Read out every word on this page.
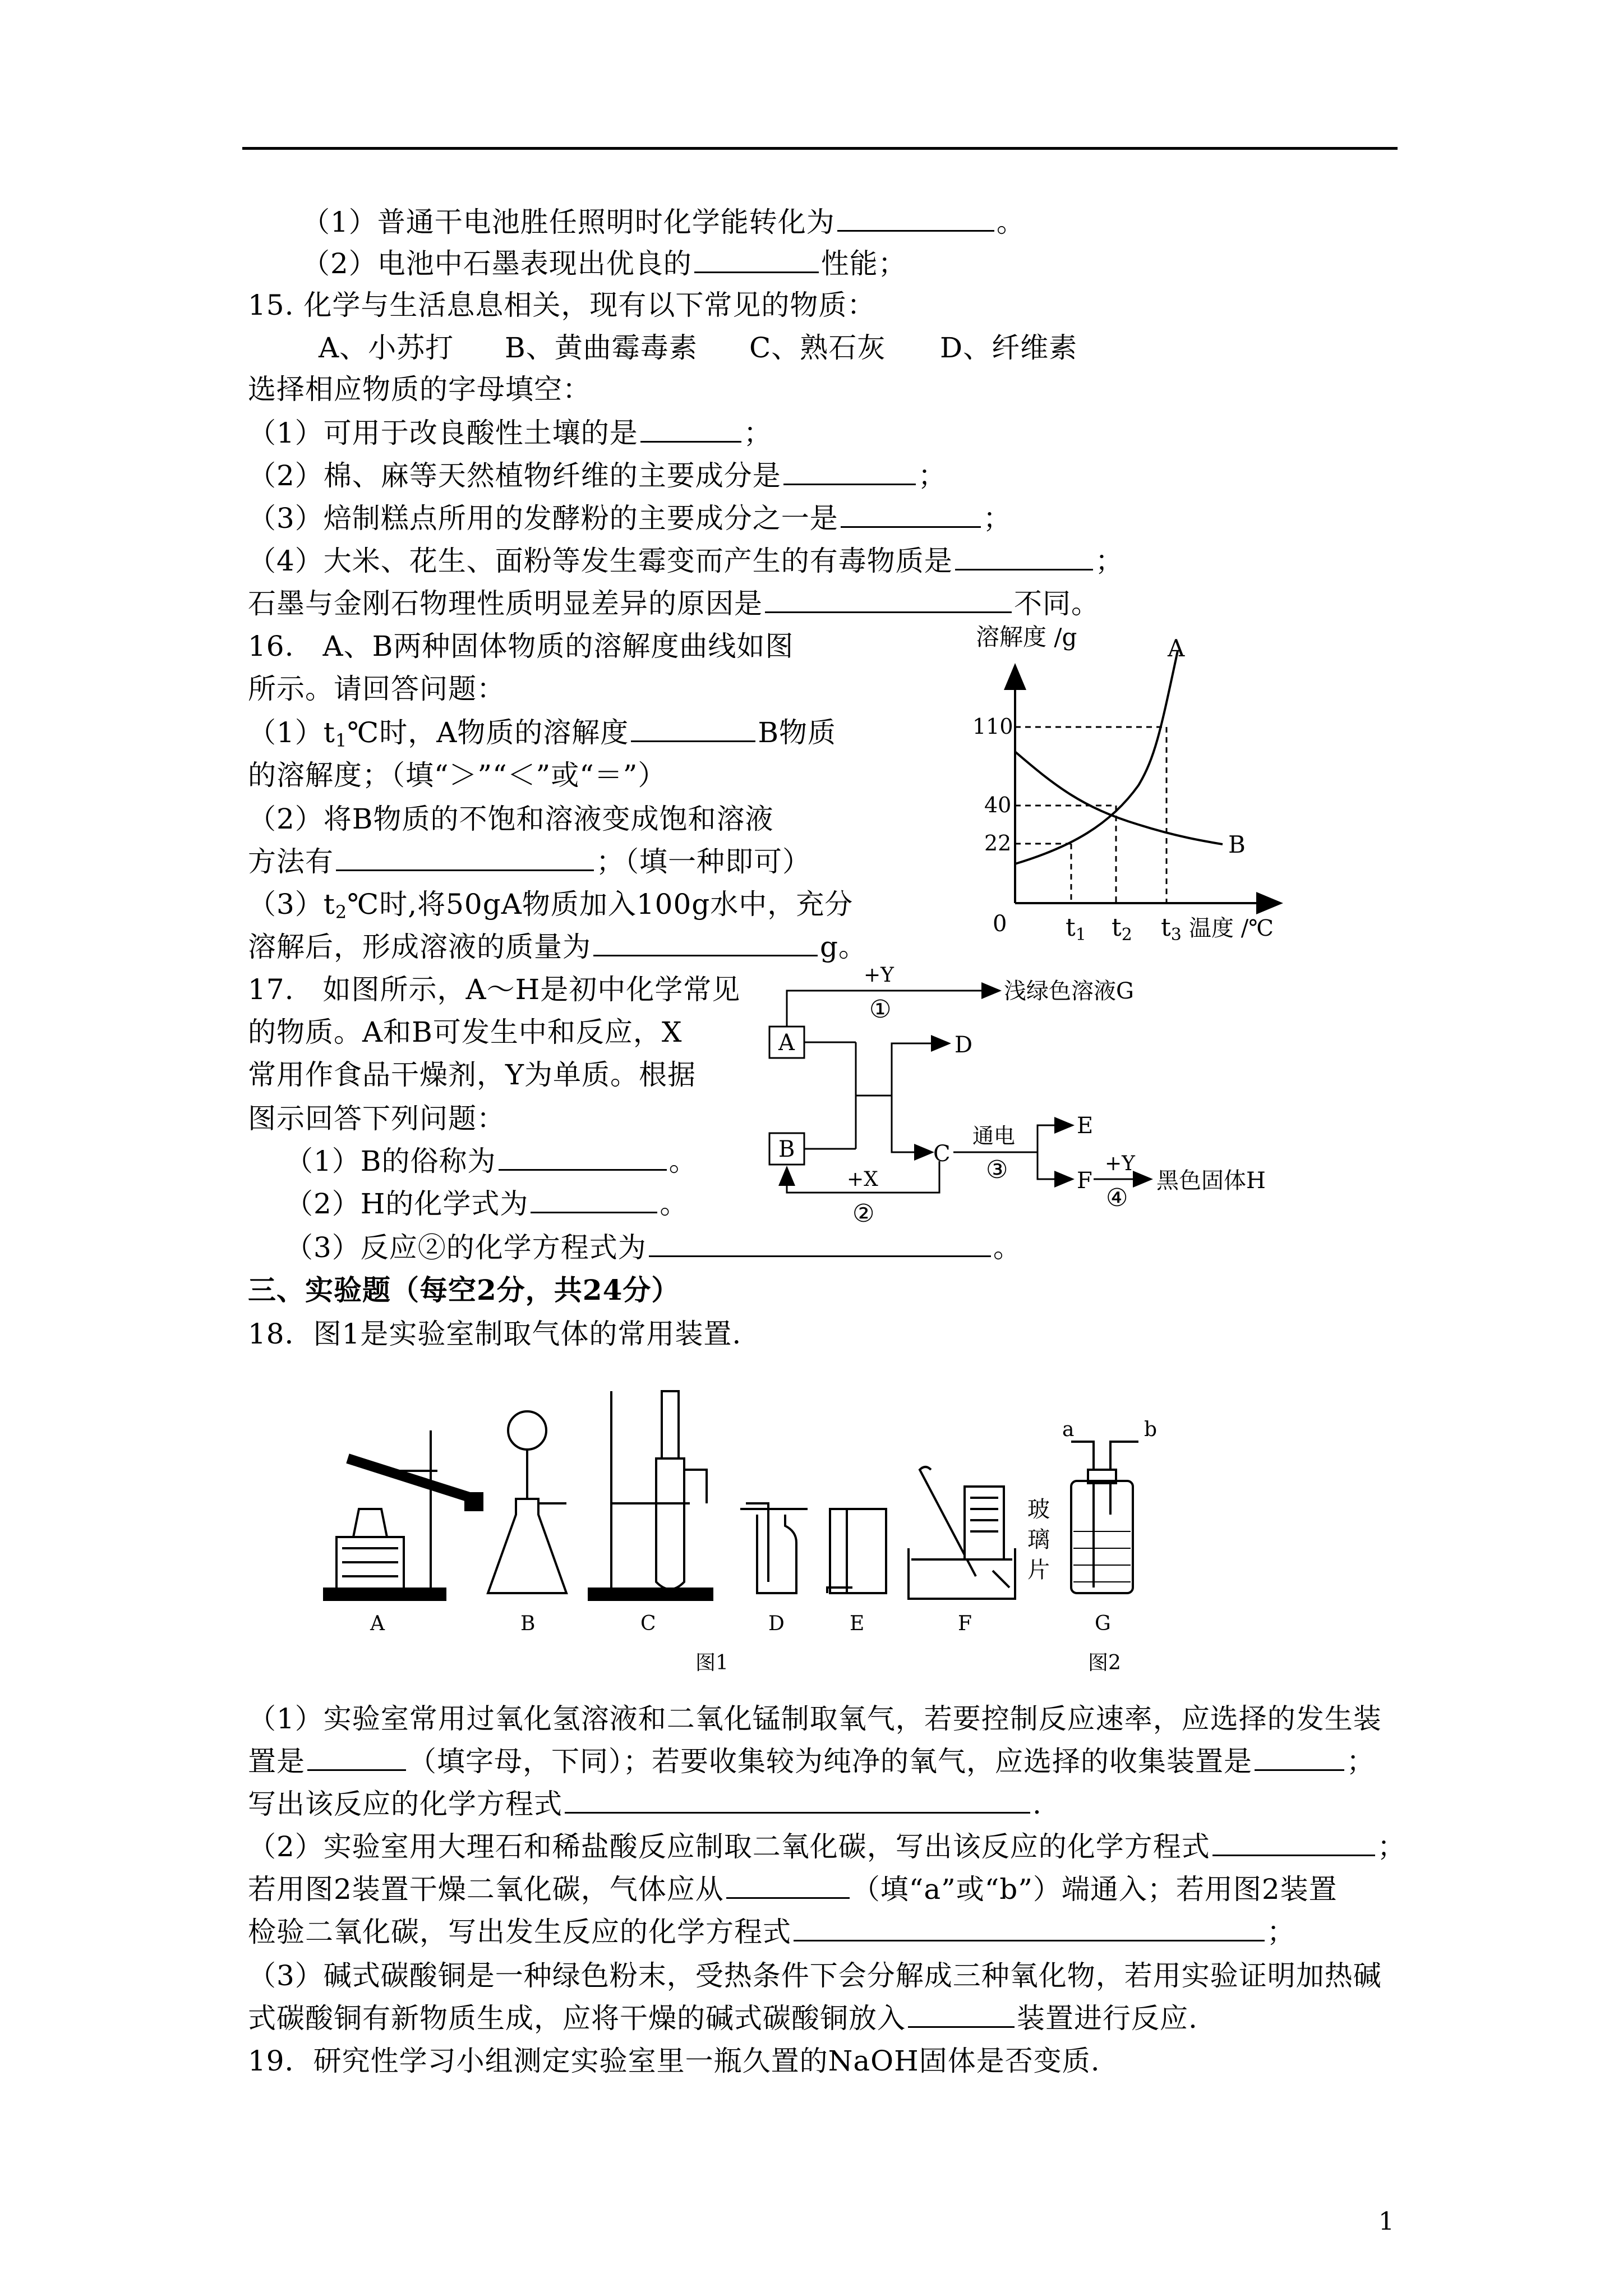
（1）普通干电池胜任照明时化学能转化为	。
（2）电池中石墨表现出优良的	性能；
15. 化学与生活息息相关，现有以下常见的物质：
A、小苏打 B、黄曲霉毒素 C、熟石灰 D、纤维素
选择相应物质的字母填空：
（1）可用于改良酸性土壤的是	；
（2）棉、麻等天然植物纤维的主要成分是	；
（3）焙制糕点所用的发酵粉的主要成分之一是	；
（4）大米、花生、面粉等发生霉变而产生的有毒物质是	；
石墨与金刚石物理性质明显差异的原因是	不同。
16.　A、B两种固体物质的溶解度曲线如图
所示。请回答问题：
$(1)t_1℃$时，A物质的溶解度	B物质
的溶解度；（填“＞”“＜”或“＝”）
（2）将B物质的不饱和溶液变成饱和溶液
方法有	；（填一种即可）
$(3)t_2℃$时,将50gA物质加入100g水中，充分
溶解后，形成溶液的质量为	g。
溶解度 /g
0
110
40
22
A
B
t1 t2 t3 温度 /℃
17.　如图所示，A～H是初中化学常见
的物质。A和B可发生中和反应，X
常用作食品干燥剂，Y为单质。根据
图示回答下列问题：
（1）B的俗称为	。
（2）H的化学式为	。
（3）反应②的化学方程式为	。
A
B
+Y
①
浅绿色溶液G
D
C
+X
②
通电
③
E
F
+Y
④
黑色固体H
三、实验题（每空2分，共24分）
18．图1是实验室制取气体的常用装置.
A	B	C	D	E	F	G
图1	图2
玻
璃
片
a	b
（1）实验室常用过氧化氢溶液和二氧化锰制取氧气，若要控制反应速率，应选择的发生装
置是	（填字母，下同）；若要收集较为纯净的氧气，应选择的收集装置是	；
写出该反应的化学方程式	.
（2）实验室用大理石和稀盐酸反应制取二氧化碳，写出该反应的化学方程式	；
若用图2装置干燥二氧化碳，气体应从	（填“a”或“b”）端通入；若用图2装置
检验二氧化碳，写出发生反应的化学方程式	；
（3）碱式碳酸铜是一种绿色粉末，受热条件下会分解成三种氧化物，若用实验证明加热碱
式碳酸铜有新物质生成，应将干燥的碱式碳酸铜放入	装置进行反应.
19．研究性学习小组测定实验室里一瓶久置的NaOH固体是否变质.
1
